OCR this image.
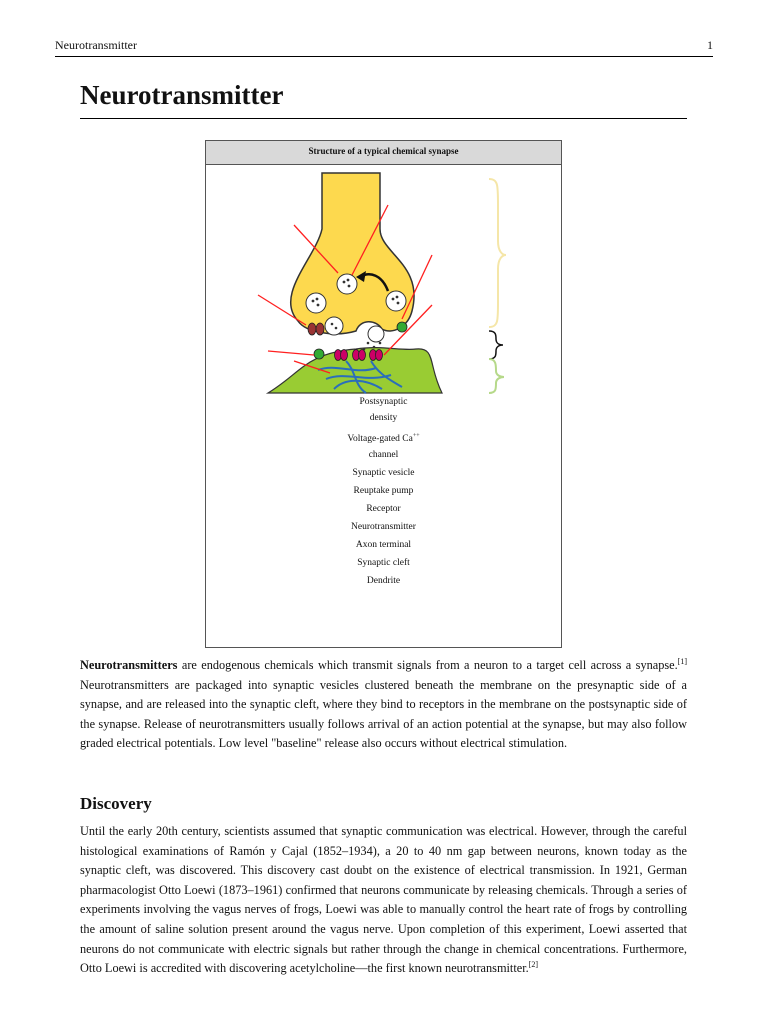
Neurotransmitter	1
Neurotransmitter
Structure of a typical chemical synapse
Postsynaptic density
Voltage-gated Ca++
channel
Synaptic vesicle
Reuptake pump
Receptor
Neurotransmitter
Axon terminal
Synaptic cleft
Dendrite

Neurotransmitters are endogenous chemicals which transmit signals from a neuron to a target cell across a synapse.[1] Neurotransmitters are packaged into synaptic vesicles clustered beneath the membrane on the presynaptic side of a synapse, and are released into the synaptic cleft, where they bind to receptors in the membrane on the postsynaptic side of the synapse. Release of neurotransmitters usually follows arrival of an action potential at the synapse, but may also follow graded electrical potentials. Low level "baseline" release also occurs without electrical stimulation.

Discovery

Until the early 20th century, scientists assumed that synaptic communication was electrical. However, through the careful histological examinations of Ramón y Cajal (1852–1934), a 20 to 40 nm gap between neurons, known today as the synaptic cleft, was discovered. This discovery cast doubt on the existence of electrical transmission. In 1921, German pharmacologist Otto Loewi (1873–1961) confirmed that neurons communicate by releasing chemicals. Through a series of experiments involving the vagus nerves of frogs, Loewi was able to manually control the heart rate of frogs by controlling the amount of saline solution present around the vagus nerve. Upon completion of this experiment, Loewi asserted that neurons do not communicate with electric signals but rather through the change in chemical concentrations. Furthermore, Otto Loewi is accredited with discovering acetylcholine—the first known neurotransmitter.[2]
